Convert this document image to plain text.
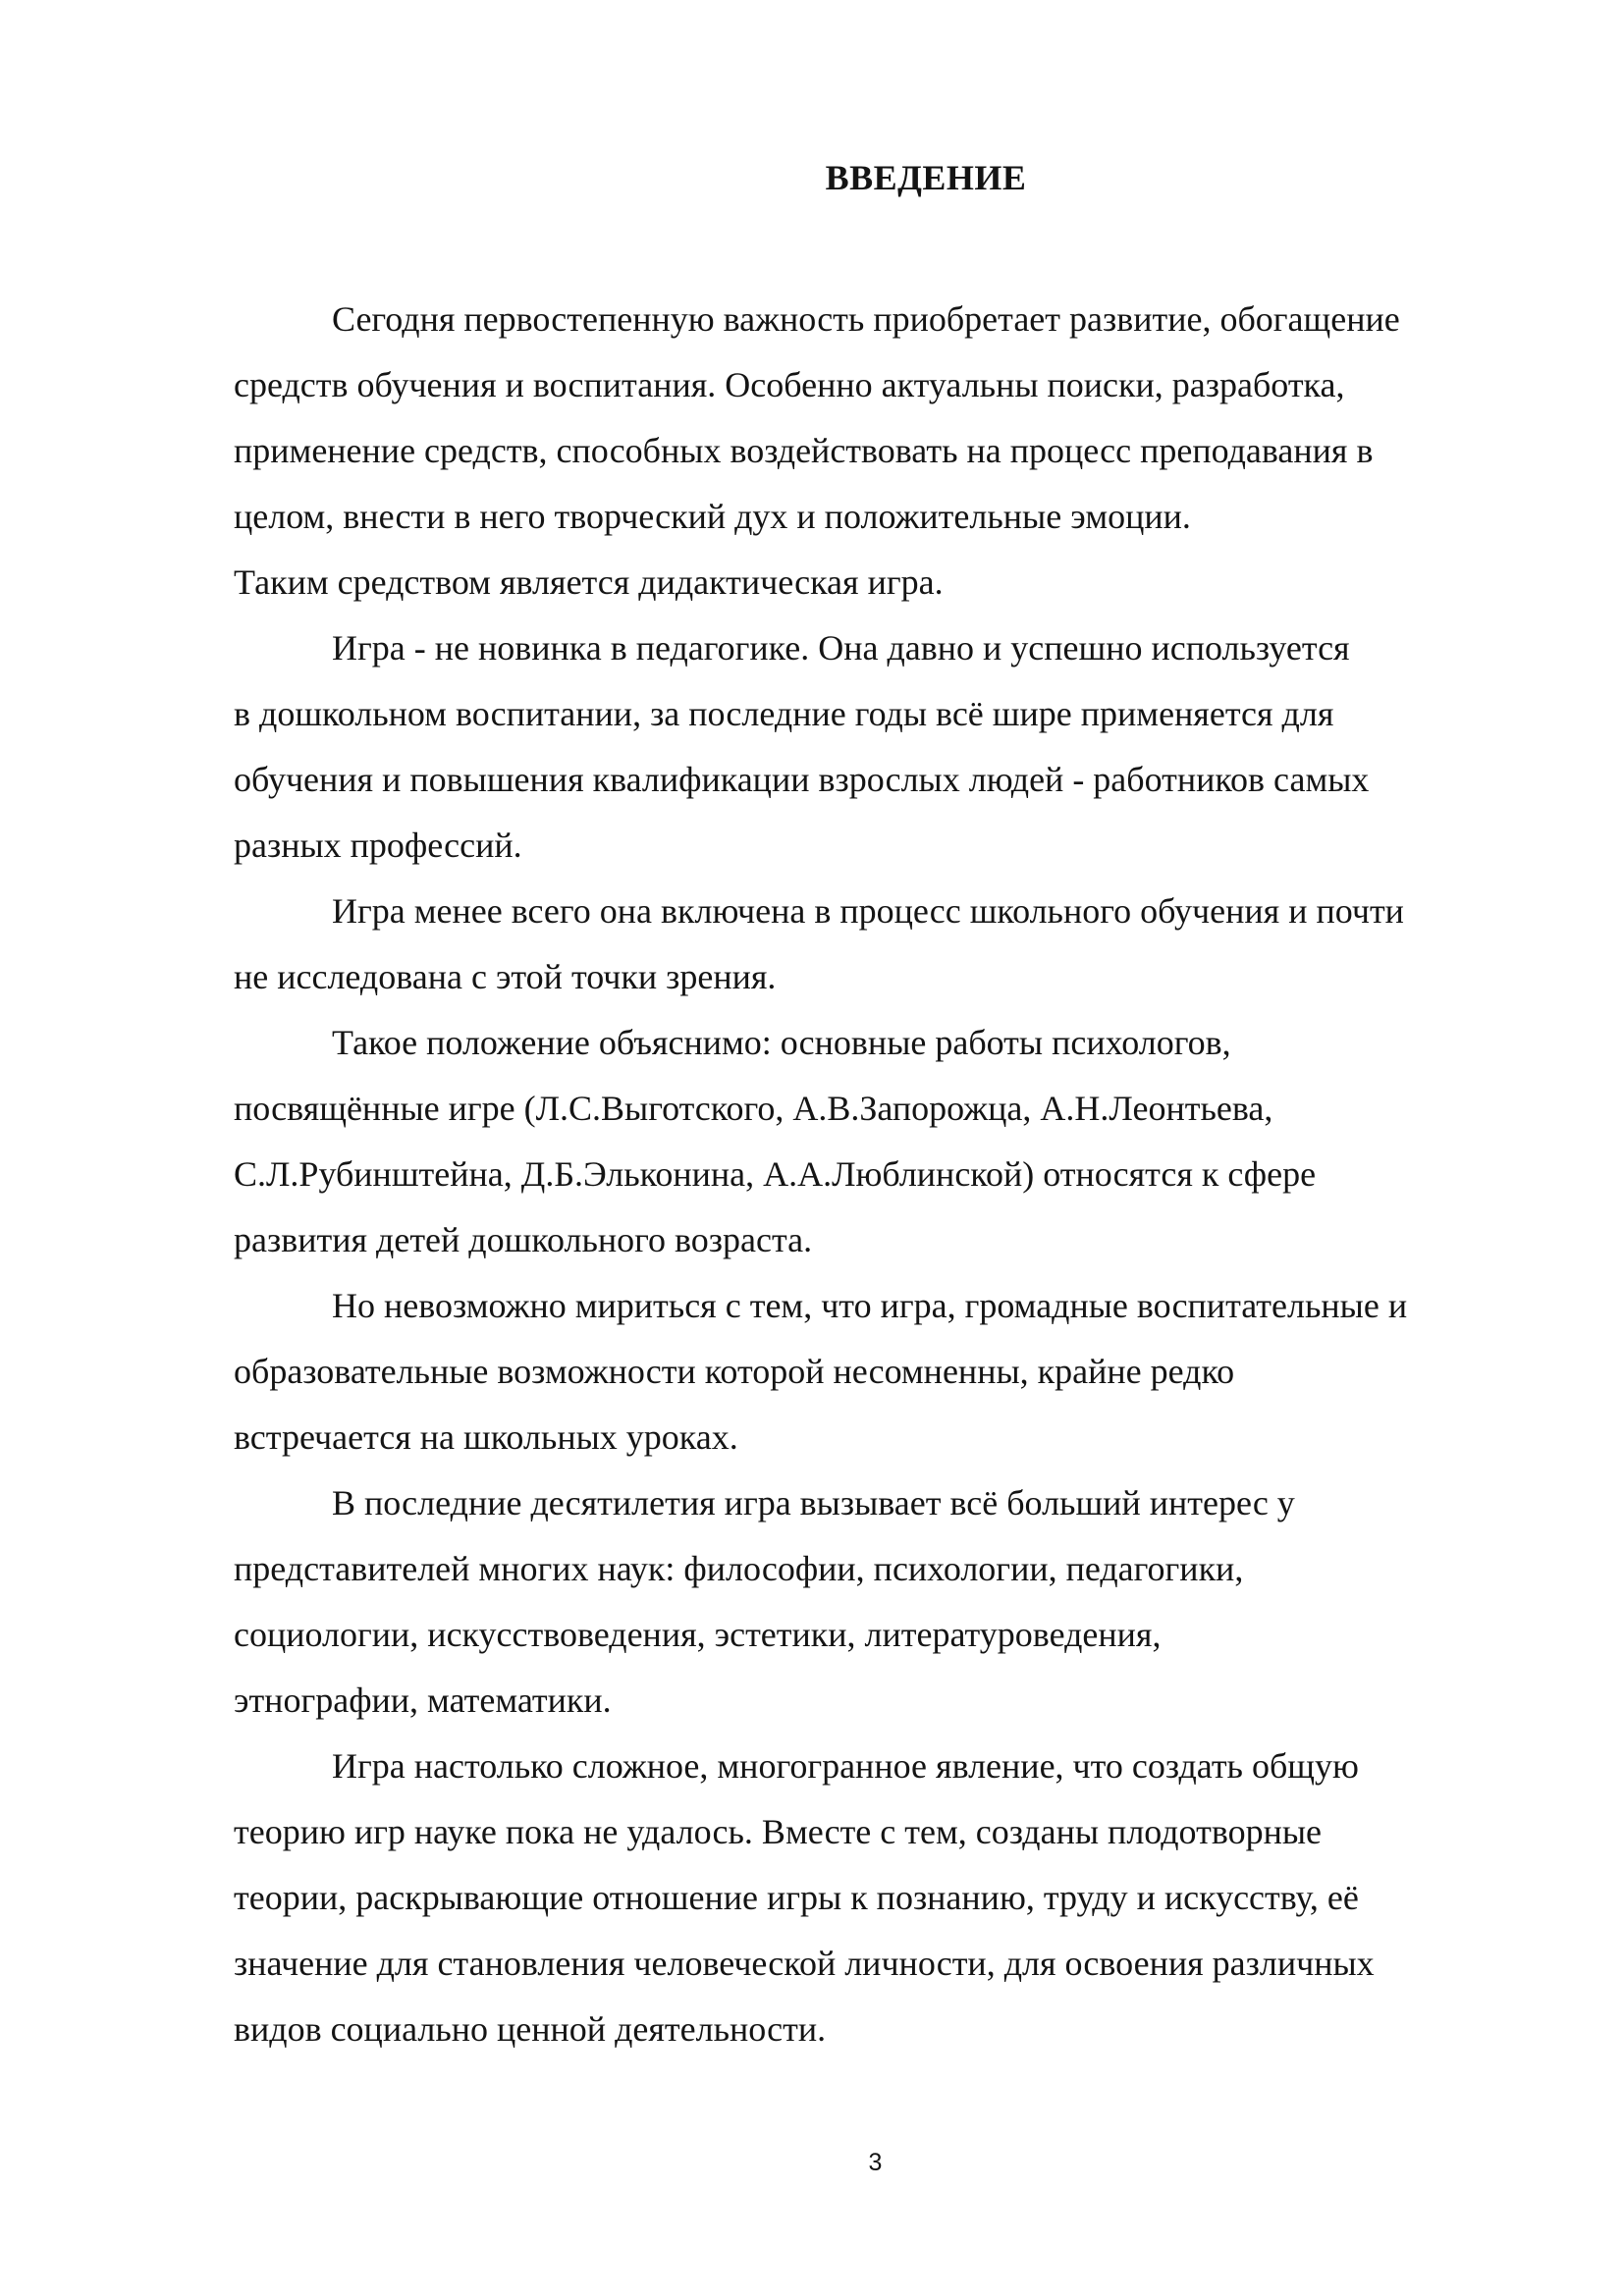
ВВЕДЕНИЕ

Сегодня первостепенную важность приобретает развитие, обогащение

средств обучения и воспитания. Особенно актуальны поиски, разработка,

применение средств, способных воздействовать на процесс преподавания в

целом, внести в него творческий дух и положительные эмоции.

Таким средством является дидактическая игра.

Игра - не новинка в педагогике. Она давно и успешно используется

в дошкольном воспитании, за последние годы всё шире применяется для

обучения и повышения квалификации взрослых людей - работников самых

разных профессий.

Игра менее всего она включена в процесс школьного обучения и почти

не исследована с этой точки зрения.

Такое положение объяснимо: основные работы психологов,

посвящённые игре (Л.С.Выготского, А.В.Запорожца, А.Н.Леонтьева,

С.Л.Рубинштейна, Д.Б.Эльконина, А.А.Люблинской) относятся к сфере

развития детей дошкольного возраста.

Но невозможно мириться с тем, что игра, громадные воспитательные и

образовательные возможности которой несомненны, крайне редко

встречается на школьных уроках.

В последние десятилетия игра вызывает всё больший интерес у

представителей многих наук: философии, психологии, педагогики,

социологии, искусствоведения, эстетики, литературоведения,

этнографии, математики.

Игра настолько сложное, многогранное явление, что создать общую

теорию игр науке пока не удалось. Вместе с тем, созданы плодотворные

теории, раскрывающие отношение игры к познанию, труду и искусству, её

значение для становления человеческой личности, для освоения различных

видов социально ценной деятельности.

3
